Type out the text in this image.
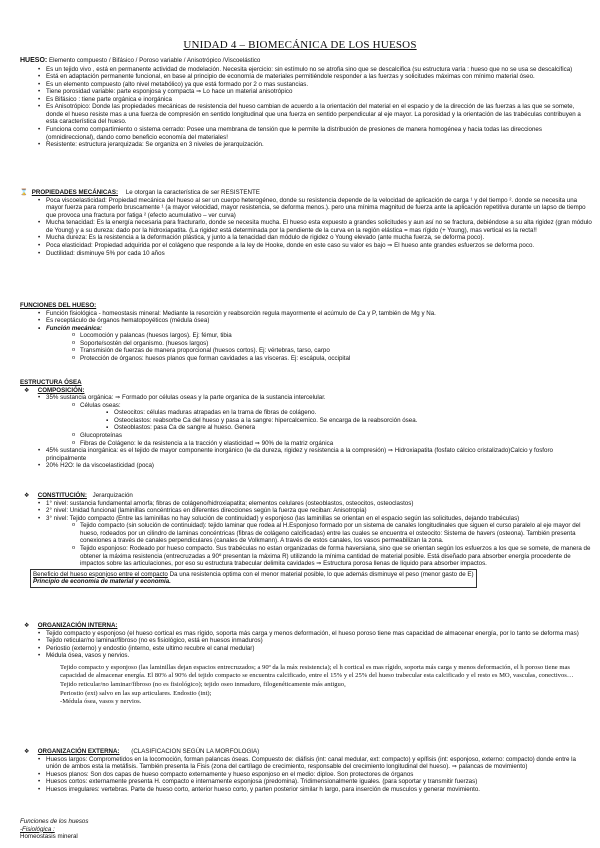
UNIDAD 4 – BIOMECÁNICA DE LOS HUESOS
HUESO: Elemento compuesto / Bifásico / Poroso variable / Anisotrópico /Viscoelástico
• Es un tejido vivo , está en permanente actividad de modelación. Necesita ejercicio: sin estímulo no se atrofia sino que se descalcifica (su estructura varía : hueso que no se usa se descalcifica)
• Está en adaptación permanente funcional, en base al principio de economía de materiales permitiéndole responder a las fuerzas y solicitudes máximas con mínimo material óseo.
• Es un elemento compuesto (alto nivel metabólico) ya que está formado por 2 o mas sustancias.
• Tiene porosidad variable: parte esponjosa y compacta ⇒ Lo hace un material anisotrópico
• Es Bifásico : tiene parte orgánica e inorgánica
• Es Anisotrópico: Donde las propiedades mecánicas de resistencia del hueso cambian de acuerdo a la orientación del material en el espacio y de la dirección de las fuerzas a las que se somete, donde el hueso resiste mas a una fuerza de compresión en sentido longitudinal que una fuerza en sentido perpendicular al eje mayor. La porosidad y la orientación de las trabéculas contribuyen a esta característica del hueso.
• Funciona como compartimiento o sistema cerrado: Posee una membrana de tensión que le permite la distribución de presiones de manera homogénea y hacia todas las direcciones (omnidireccional), dando como beneficio economía del materiales!
• Resistente: estructura jerarquizada: Se organiza en 3 niveles de jerarquización.
⌛ PROPIEDADES MECÁNICAS: Le otorgan la característica de ser RESISTENTE
• Poca viscoelasticidad: Propiedad mecánica del hueso al ser un cuerpo heterogéneo, donde su resistencia depende de la velocidad de aplicación de carga ¹ y del tiempo ². donde se necesita una mayor fuerza para romperlo bruscamente ¹ (a mayor velocidad, mayor resistencia, se deforma menos.). pero una mínima magnitud de fuerza ante la aplicación repetitiva durante un lapso de tiempo que provoca una fractura por fatiga ² (efecto acumulativo – ver curva)
• Mucha tenacidad: Es la energía necesaria para fracturarlo, donde se necesita mucha. El hueso esta expuesto a grandes solicitudes y aun así no se fractura, debiéndose a su alta rigidez (gran módulo de Young) y a su dureza: dado por la hidroxiapatita. (La rigidez está determinada por la pendiente de la curva en la región elástica = mas rígido (+ Young), mas vertical es la recta!!
• Mucha dureza: Es la resistencia a la deformación plástica, y junto a la tenacidad dan módulo de rigidez o Young elevado (ante mucha fuerza, se deforma poco).
• Poca elasticidad: Propiedad adquirida por el colágeno que responde a la ley de Hooke, donde en este caso su valor es bajo ⇒ El hueso ante grandes esfuerzos se deforma poco.
• Ductilidad: disminuye 5% por cada 10 años
FUNCIONES DEL HUESO:
• Función fisiológica - homeostasis mineral: Mediante la resorción y reabsorción regula mayormente el acúmulo de Ca y P, también de Mg y Na.
• Es receptáculo de órganos hematopoyéticos (médula ósea)
• Función mecánica:
o Locomoción y palancas (huesos largos). Ej: fémur, tibia
o Soporte/sostén del organismo. (huesos largos)
o Transmisión de fuerzas de manera proporcional (huesos cortos). Ej: vértebras, tarso, carpo
o Protección de órganos: huesos planos que forman cavidades a las vísceras. Ej: escápula, occipital
ESTRUCTURA ÓSEA
❖ COMPOSICIÓN:
• 35% sustancia orgánica: ⇒ Formado por células oseas y la parte organica de la sustancia intercelular.
o Células oseas:
▪ Osteocitos: células maduras atrapadas en la trama de fibras de colágeno.
▪ Osteoclastos: reabsorbe Ca del hueso y pasa a la sangre: hipercalcemico. Se encarga de la reabsorción ósea.
▪ Osteoblastos: pasa Ca de sangre al hueso. Genera
o Glucoproteínas
o Fibras de Colágeno: le da resistencia a la tracción y elasticidad ⇒ 90% de la matriz orgánica
• 45% sustancia inorgánica: es el tejido de mayor componente inorgánico (le da dureza, rigidez y resistencia a la compresión) ⇒ Hidroxiapatita (fosfato cálcico cristalizado)Calcio y fosforo principalmente
• 20% H2O: le da viscoelasticidad (poca)
❖ CONSTITUCIÓN: Jerarquización
• 1° nivel: sustancia fundamental amorfa; fibras de colágeno/hidroxiapatita; elementos celulares (osteoblastos, osteocitos, osteoclastos)
• 2° nivel: Unidad funcional (laminillas concéntricas en diferentes direcciones según la fuerza que reciban: Anisotropía)
• 3° nivel: Tejido compacto (Entre las laminillas no hay solución de continuidad) y esponjoso (las laminillas se orientan en el espacio según las solicitudes, dejando trabéculas)
o Tejido compacto (sin solución de continuidad): tejido laminar que rodea al H.Esponjoso formado por un sistema de canales longitudinales que siguen el curso paralelo al eje mayor del hueso, rodeados por un cilindro de laminas concéntricas (fibras de colágeno calcificadas) entre las cuales se encuentra el osteocito: Sistema de havers (osteona). También presenta conexiones a través de canales perpendiculares (canales de Volkmann). A través de estos canales, los vasos permeabilizan la zona.
o Tejido esponjoso: Rodeado por hueso compacto. Sus trabéculas no estan organizadas de forma haversiana, sino que se orientan según los esfuerzos a los que se somete, de manera de obtener la máxima resistencia (entrecruzadas a 90º presentan la máxima R) utilizando la mínima cantidad de material posible. Está diseñado para absorber energía procedente de impactos sobre las articulaciones, por eso su estructura trabecular delimita cavidades ⇒ Estructura porosa llenas de líquido para absorber impactos.
Beneficio del hueso esponjoso entre el compacto Da una resistencia optima con el menor material posible, lo que además disminuye el peso (menor gasto de E)
Principio de economía de material y economía.
❖ ORGANIZACIÓN INTERNA:
• Tejido compacto y esponjoso (el hueso cortical es mas rígido, soporta más carga y menos deformación, el hueso poroso tiene mas capacidad de almacenar energía, por lo tanto se deforma mas)
• Tejido reticular/no laminar/fibroso (no es fisiológico, está en huesos inmaduros)
• Periostio (externo) y endostio (interno, este ultimo recubre el canal medular)
• Médula ósea, vasos y nervios.
Tejido compacto y esponjoso (las laminillas dejan espacios entrecruzados; a 90º da la máx resistencia); el h cortical es mas rígido, soporta más carga y menos deformación, el h poroso tiene mas capacidad de almacenar energía. El 80% al 90% del tejido compacto se encuentra calcificado, entre el 15% y el 25% del hueso trabecular esta calcificado y el resto es MO, vasculas, conectivos…
Tejido reticular/no laminar/fibroso (no es fisiológico); tejido oseo inmaduro, filogenéticamente más antiguo,
Periostio (ext) salvo en las sup articulares. Endostio (int);
-Médula ósea, vasos y nervios.
❖ ORGANIZACIÓN EXTERNA: (CLASIFICACION SEGÚN LA MORFOLOGIA)
• Huesos largos: Comprometidos en la locomoción, forman palancas óseas. Compuesto de: diáfisis (int: canal medular, ext: compacto) y epífisis (int: esponjoso, externo: compacto) donde entre la unión de ambos esta la metáfisis. También presenta la Fisis (zona del cartílago de crecimiento, responsable del crecimiento longitudinal del hueso). ⇒ palancas de movimiento)
• Huesos planos: Son dos capas de hueso compacto externamente y hueso esponjoso en el medio: diploe. Son protectores de órganos
• Huesos cortos: externamente presenta H. compacto e internamente esponjosa (predomina). Tridimensionalmente iguales. (para soportar y transmitir fuerzas)
• Huesos irregulares: vertebras. Parte de hueso corto, anterior hueso corto, y parten posterior similar h largo, para inserción de musculos y generar movimiento.
Funciones de los huesos
-Fisiológica :
Homeostasis mineral
